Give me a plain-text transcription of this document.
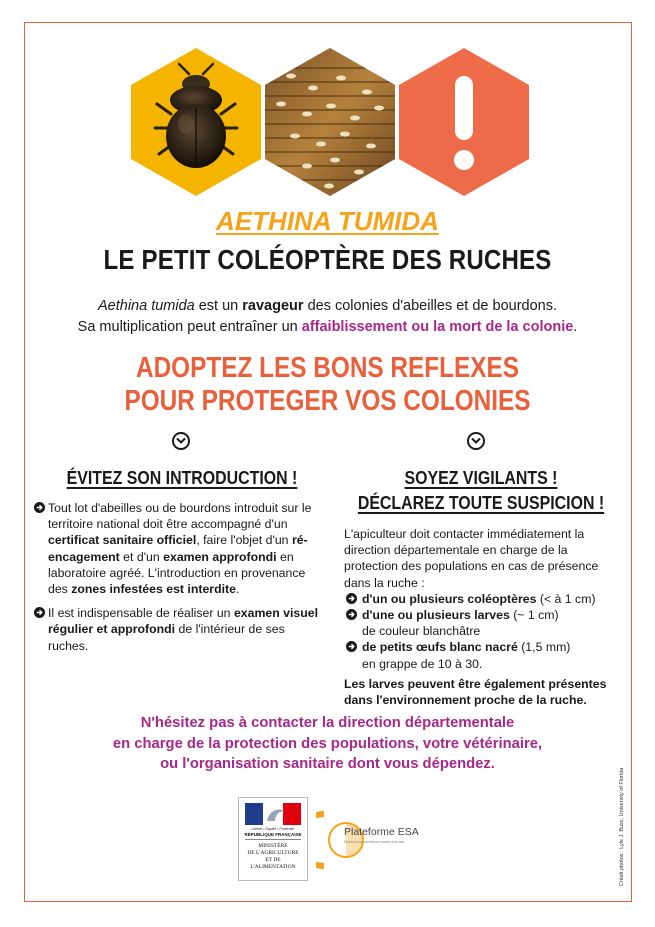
AETHINA TUMIDA
LE PETIT COLÉOPTÈRE DES RUCHES
Aethina tumida est un ravageur des colonies d'abeilles et de bourdons.
Sa multiplication peut entraîner un affaiblissement ou la mort de la colonie.
ADOPTEZ LES BONS REFLEXES
POUR PROTEGER VOS COLONIES
ÉVITEZ SON INTRODUCTION !	SOYEZ VIGILANTS !
DÉCLAREZ TOUTE SUSPICION !

Tout lot d'abeilles ou de bourdons introduit sur le territoire national doit être accompagné d'un certificat sanitaire officiel, faire l'objet d'un ré-encagement et d'un examen approfondi en laboratoire agréé. L'introduction en provenance des zones infestées est interdite.

Il est indispensable de réaliser un examen visuel régulier et approfondi de l'intérieur de ses ruches.

L'apiculteur doit contacter immédiatement la direction départementale en charge de la protection des populations en cas de présence dans la ruche :
d'un ou plusieurs coléoptères (< à 1 cm)
d'une ou plusieurs larves (~ 1 cm)
de couleur blanchâtre
de petits œufs blanc nacré (1,5 mm)
en grappe de 10 à 30.
Les larves peuvent être également présentes dans l'environnement proche de la ruche.
N'hésitez pas à contacter la direction départementale
en charge de la protection des populations, votre vétérinaire,
ou l'organisation sanitaire dont vous dépendez.
Liberté • Égalité • Fraternité
RÉPUBLIQUE FRANÇAISE
MINISTÈRE
DE L'AGRICULTURE
ET DE
L'ALIMENTATION
Plateforme ESA
Épidémiosurveillance santé animale	Crédit photos : Lyle J. Buss, University of Florida
